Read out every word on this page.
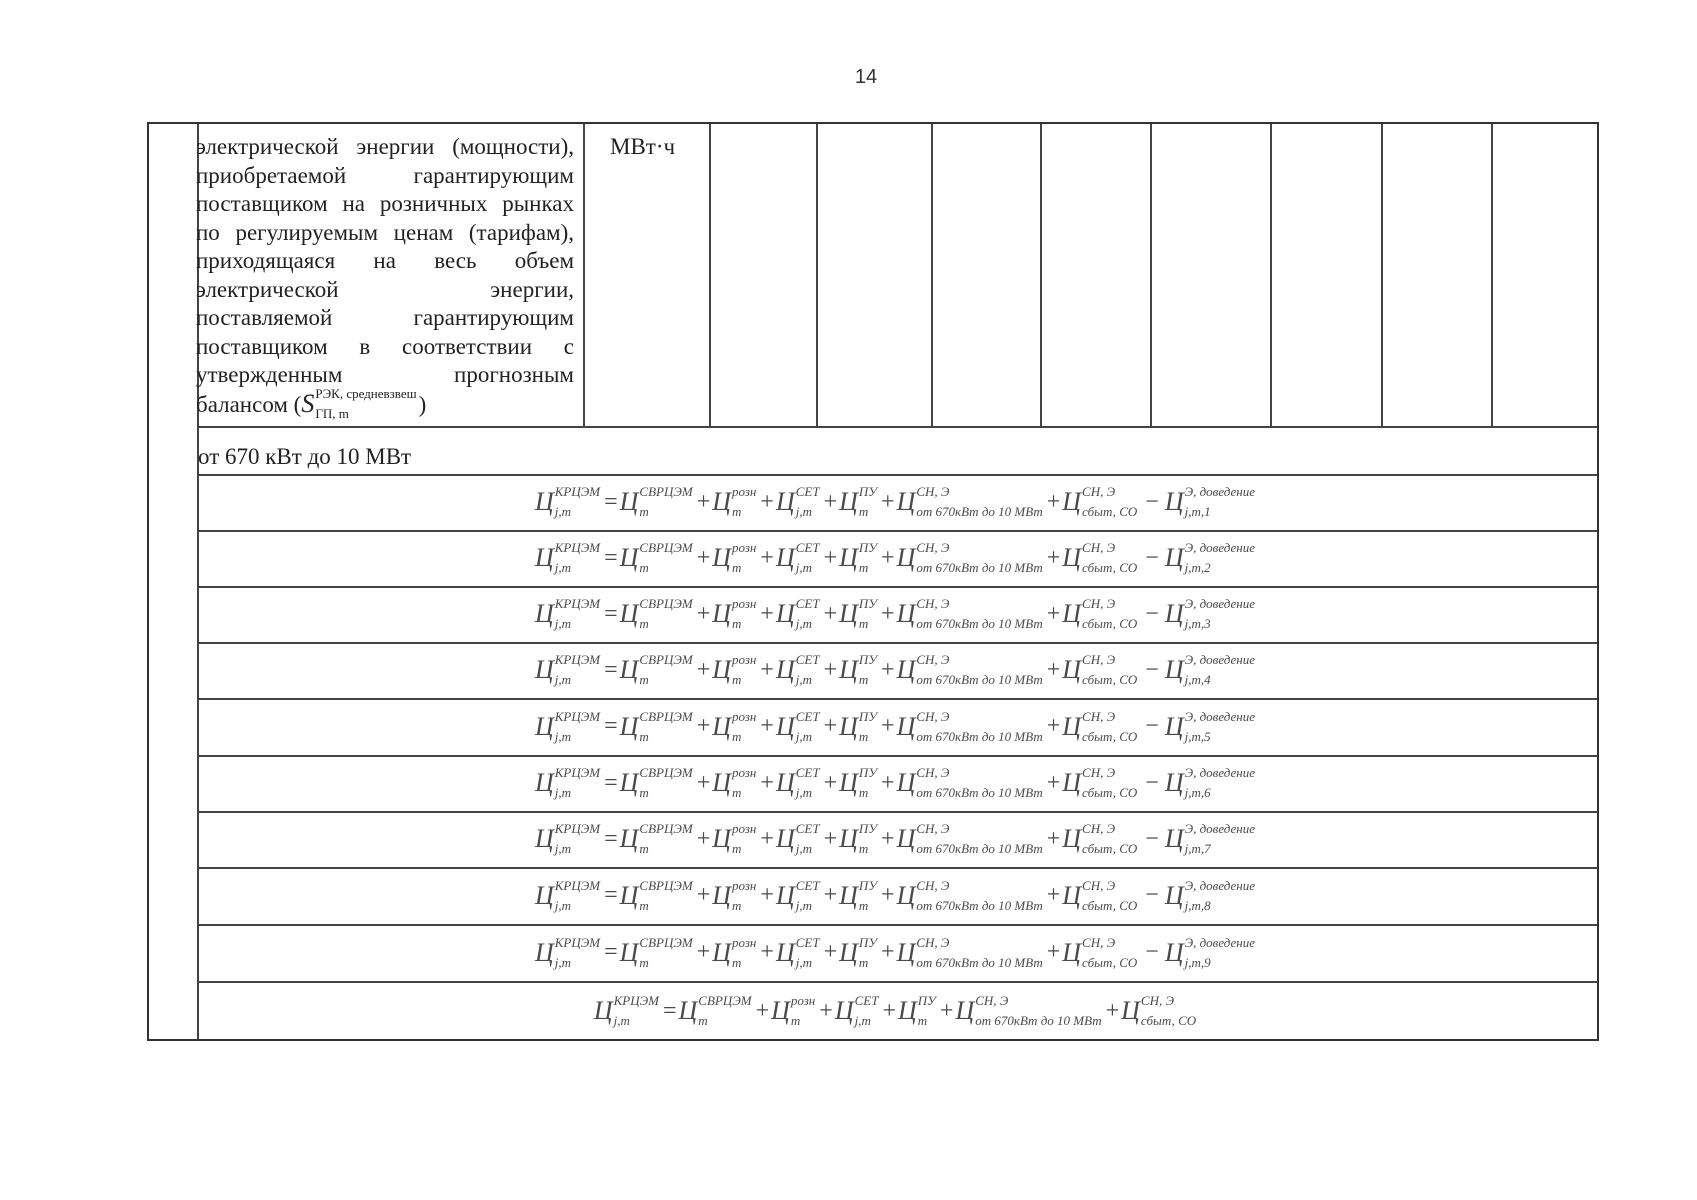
14
электрической энергии (мощности),
приобретаемой гарантирующим
поставщиком на розничных рынках
по регулируемым ценам (тарифам),
приходящаяся на весь объем
электрической энергии,
поставляемой гарантирующим
поставщиком в соответствии с
утвержденным прогнозным
балансом ( S РЭК, средневзвеш
ГП, m	)
МВт·ч
от 670 кВт до 10 МВт
Ц КРЦЭМ
j,m	= Ц СВРЦЭМ
m	+ Ц розн
m + Ц СЕТ
j,m + Ц ПУ
m + Ц СН, Э
от 670кВт до 10 МВт + Ц СН, Э
сбыт, СО − Ц Э, доведение
j,m,1
Ц КРЦЭМ
j,m	= Ц СВРЦЭМ
m	+ Ц розн
m + Ц СЕТ
j,m + Ц ПУ
m + Ц СН, Э
от 670кВт до 10 МВт + Ц СН, Э
сбыт, СО − Ц Э, доведение
j,m,2
Ц КРЦЭМ
j,m	= Ц СВРЦЭМ
m	+ Ц розн
m + Ц СЕТ
j,m + Ц ПУ
m + Ц СН, Э
от 670кВт до 10 МВт + Ц СН, Э
сбыт, СО − Ц Э, доведение
j,m,3
Ц КРЦЭМ
j,m	= Ц СВРЦЭМ
m	+ Ц розн
m + Ц СЕТ
j,m + Ц ПУ
m + Ц СН, Э
от 670кВт до 10 МВт + Ц СН, Э
сбыт, СО − Ц Э, доведение
j,m,4
Ц КРЦЭМ
j,m	= Ц СВРЦЭМ
m	+ Ц розн
m + Ц СЕТ
j,m + Ц ПУ
m + Ц СН, Э
от 670кВт до 10 МВт + Ц СН, Э
сбыт, СО − Ц Э, доведение
j,m,5
Ц КРЦЭМ
j,m	= Ц СВРЦЭМ
m	+ Ц розн
m + Ц СЕТ
j,m + Ц ПУ
m + Ц СН, Э
от 670кВт до 10 МВт + Ц СН, Э
сбыт, СО − Ц Э, доведение
j,m,6
Ц КРЦЭМ
j,m	= Ц СВРЦЭМ
m	+ Ц розн
m + Ц СЕТ
j,m + Ц ПУ
m + Ц СН, Э
от 670кВт до 10 МВт + Ц СН, Э
сбыт, СО − Ц Э, доведение
j,m,7
Ц КРЦЭМ
j,m	= Ц СВРЦЭМ
m	+ Ц розн
m + Ц СЕТ
j,m + Ц ПУ
m + Ц СН, Э
от 670кВт до 10 МВт + Ц СН, Э
сбыт, СО − Ц Э, доведение
j,m,8
Ц КРЦЭМ
j,m	= Ц СВРЦЭМ
m	+ Ц розн
m + Ц СЕТ
j,m + Ц ПУ
m + Ц СН, Э
от 670кВт до 10 МВт + Ц СН, Э
сбыт, СО − Ц Э, доведение
j,m,9
Ц КРЦЭМ
j,m	= Ц СВРЦЭМ
m	+ Ц розн
m + Ц СЕТ
j,m + Ц ПУ
m + Ц СН, Э
от 670кВт до 10 МВт + Ц СН, Э
сбыт, СО
